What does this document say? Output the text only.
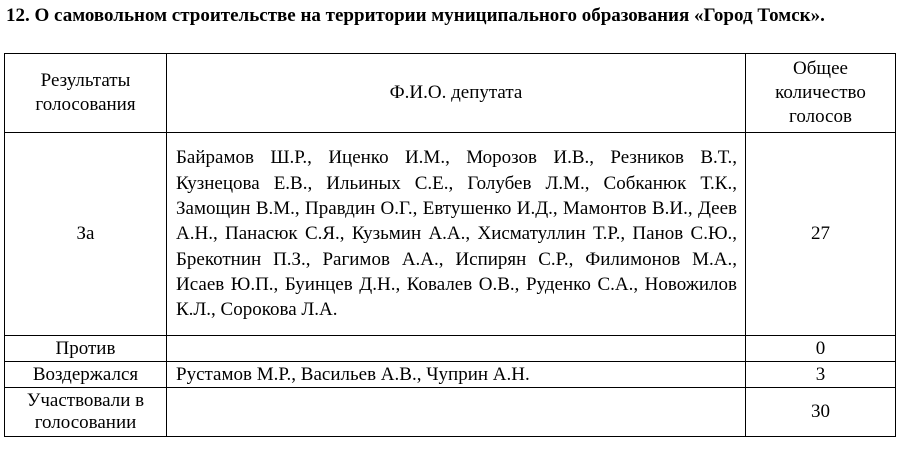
12. О самовольном строительстве на территории муниципального образования «Город Томск».
Результаты голосования	Ф.И.О. депутата	Общее количество голосов
За	Байрамов Ш.Р., Иценко И.М., Морозов И.В., Резников В.Т., Кузнецова Е.В., Ильиных С.Е., Голубев Л.М., Собканюк Т.К., Замощин В.М., Правдин О.Г., Евтушенко И.Д., Мамонтов В.И., Деев А.Н., Панасюк С.Я., Кузьмин А.А., Хисматуллин Т.Р., Панов С.Ю., Брекотнин П.З., Рагимов А.А., Испирян С.Р., Филимонов М.А., Исаев Ю.П., Буинцев Д.Н., Ковалев О.В., Руденко С.А., Новожилов К.Л., Сорокова Л.А.	27
Против		0
Воздержался	Рустамов М.Р., Васильев А.В., Чуприн А.Н.	3
Участвовали в голосовании		30
